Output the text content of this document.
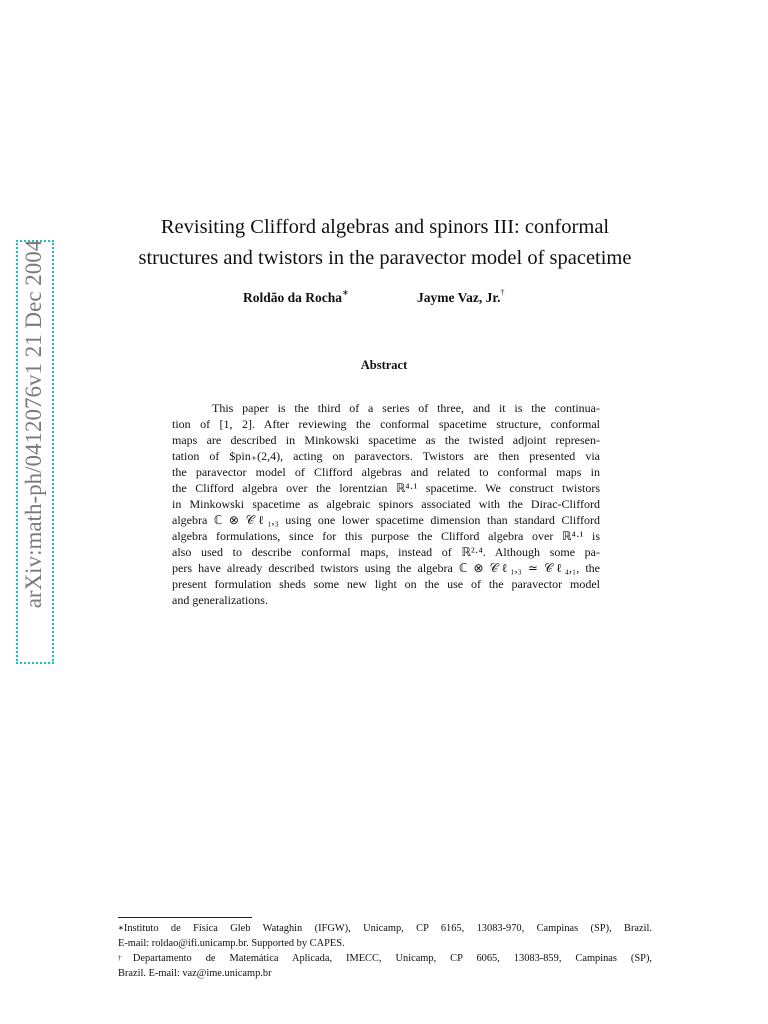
arXiv:math-ph/0412076v1 21 Dec 2004
Revisiting Clifford algebras and spinors III: conformal
structures and twistors in the paravector model of spacetime
Roldão da Rocha∗	Jayme Vaz, Jr.†
Abstract
This paper is the third of a series of three, and it is the continua-
tion of [1, 2]. After reviewing the conformal spacetime structure, conformal
maps are described in Minkowski spacetime as the twisted adjoint represen-
tation of $pin₊(2,4), acting on paravectors. Twistors are then presented via
the paravector model of Clifford algebras and related to conformal maps in
the Clifford algebra over the lorentzian ℝ⁴·¹ spacetime. We construct twistors
in Minkowski spacetime as algebraic spinors associated with the Dirac-Clifford
algebra ℂ ⊗ 𝒞ℓ₁,₃ using one lower spacetime dimension than standard Clifford
algebra formulations, since for this purpose the Clifford algebra over ℝ⁴·¹ is
also used to describe conformal maps, instead of ℝ²·⁴. Although some pa-
pers have already described twistors using the algebra ℂ ⊗ 𝒞ℓ₁,₃ ≃ 𝒞ℓ₄,₁, the
present formulation sheds some new light on the use of the paravector model
and generalizations.
∗Instituto de Física Gleb Wataghin (IFGW), Unicamp, CP 6165, 13083-970, Campinas (SP), Brazil.
E-mail: roldao@ifi.unicamp.br. Supported by CAPES.
†Departamento de Matemática Aplicada, IMECC, Unicamp, CP 6065, 13083-859, Campinas (SP),
Brazil. E-mail: vaz@ime.unicamp.br
